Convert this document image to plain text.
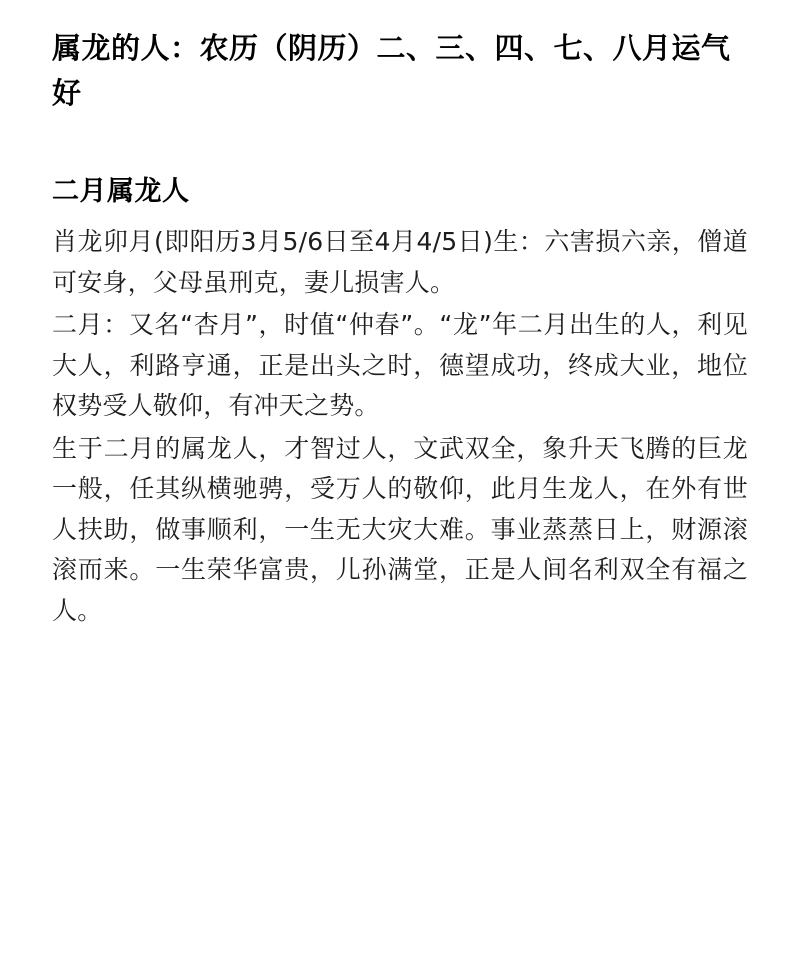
属龙的人：农历（阴历）二、三、四、七、八月运气好
二月属龙人

肖龙卯月(即阳历3月5/6日至4月4/5日)生：六害损六亲，僧道可安身，父母虽刑克，妻儿损害人。

二月：又名“杏月”，时值“仲春”。“龙”年二月出生的人，利见大人，利路亨通，正是出头之时，德望成功，终成大业，地位权势受人敬仰，有冲天之势。

生于二月的属龙人，才智过人，文武双全，象升天飞腾的巨龙一般，任其纵横驰骋，受万人的敬仰，此月生龙人，在外有世人扶助，做事顺利，一生无大灾大难。事业蒸蒸日上，财源滚滚而来。一生荣华富贵，儿孙满堂，正是人间名利双全有福之人。
